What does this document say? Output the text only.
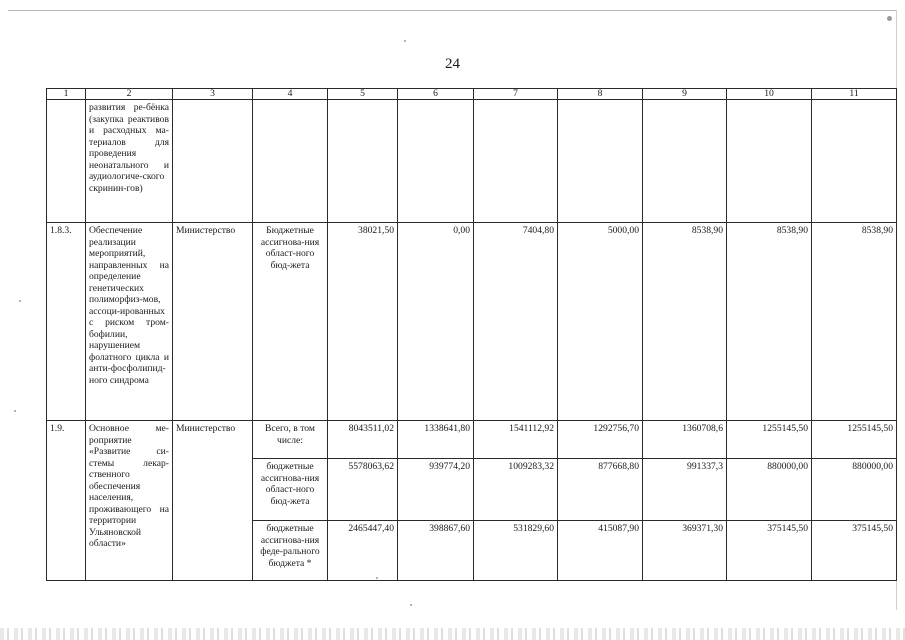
24
1	2	3	4	5	6	7	8	9	10	11
	развития ре-бёнка (закупка реактивов и расходных ма-териалов для проведения неонатального и аудиологиче-ского скринин-гов)									
1.8.3.	Обеспечение реализации мероприятий, направленных на определение генетических полиморфиз-мов, ассоци-ированных с риском тром-бофилии, нарушением фолатного цикла и анти-фосфолипид-ного синдрома	Министерство	Бюджетные ассигнова-ния област-ного бюд-жета	38021,50	0,00	7404,80	5000,00	8538,90	8538,90	8538,90
1.9.	Основное ме-роприятие «Развитие си-стемы лекар-ственного обеспечения населения, проживающего на территории Ульяновской области»	Министерство	Всего, в том числе:	8043511,02	1338641,80	1541112,92	1292756,70	1360708,6	1255145,50	1255145,50
			бюджетные ассигнова-ния област-ного бюд-жета	5578063,62	939774,20	1009283,32	877668,80	991337,3	880000,00	880000,00
			бюджетные ассигнова-ния феде-рального бюджета *	2465447,40	398867,60	531829,60	415087,90	369371,30	375145,50	375145,50
